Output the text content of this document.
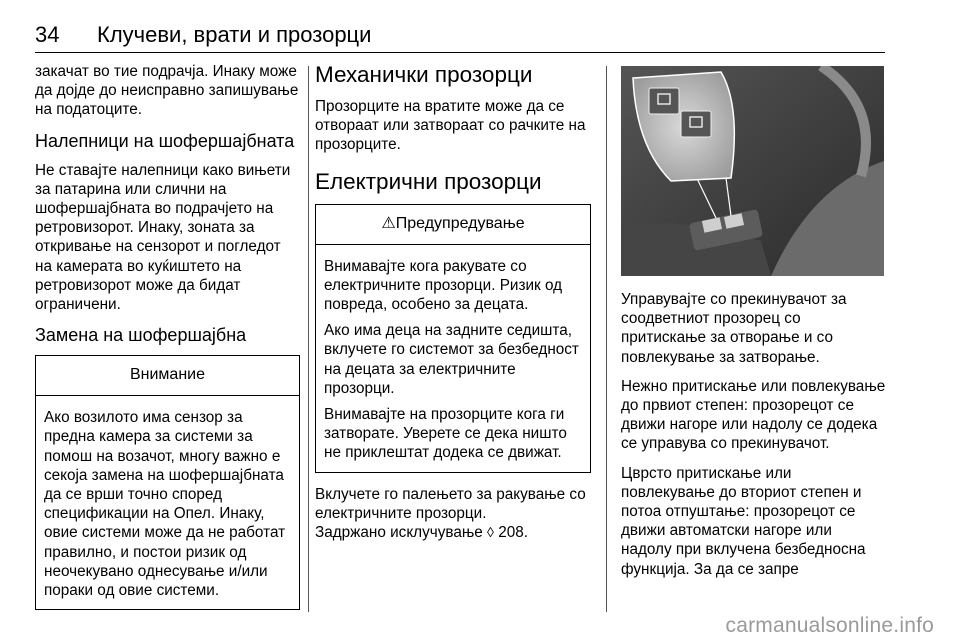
34 Клучеви, врати и прозорци

закачат во тие подрачја. Инаку може да дојде до неисправно запишување на податоците.

Налепници на шофершајбната

Не ставајте налепници како вињети за патарина или слични на шофершајбната во подрачјето на ретровизорот. Инаку, зоната за откривање на сензорот и погледот на камерата во куќиштето на ретровизорот може да бидат ограничени.

Замена на шофершајбна
Внимание

Ако возилото има сензор за предна камера за системи за помош на возачот, многу важно е секоја замена на шофершајбната да се врши точно според спецификации на Опел. Инаку, овие системи може да не работат правилно, и постои ризик од неочекувано однесување и/или пораки од овие системи.

Механички прозорци

Прозорците на вратите може да се отвораат или затвораат со рачките на прозорците.

Електрични прозорци
⚠Предупредување

Внимавајте кога ракувате со електричните прозорци. Ризик од повреда, особено за децата.

Ако има деца на задните седишта, вклучете го системот за безбедност на децата за електричните прозорци.

Внимавајте на прозорците кога ги затворате. Уверете се дека ништо не приклештат додека се движат.

Вклучете го палењето за ракување со електричните прозорци.
Задржано исклучување ◊ 208.

Управувајте со прекинувачот за соодветниот прозорец со притискање за отворање и со повлекување за затворање.

Нежно притискање или повлекување до првиот степен: прозорецот се движи нагоре или надолу се додека се управува со прекинувачот.

Цврсто притискање или повлекување до вториот степен и потоа отпуштање: прозорецот се движи автоматски нагоре или надолу при вклучена безбедносна функција. За да се запре

carmanualsonline.info
